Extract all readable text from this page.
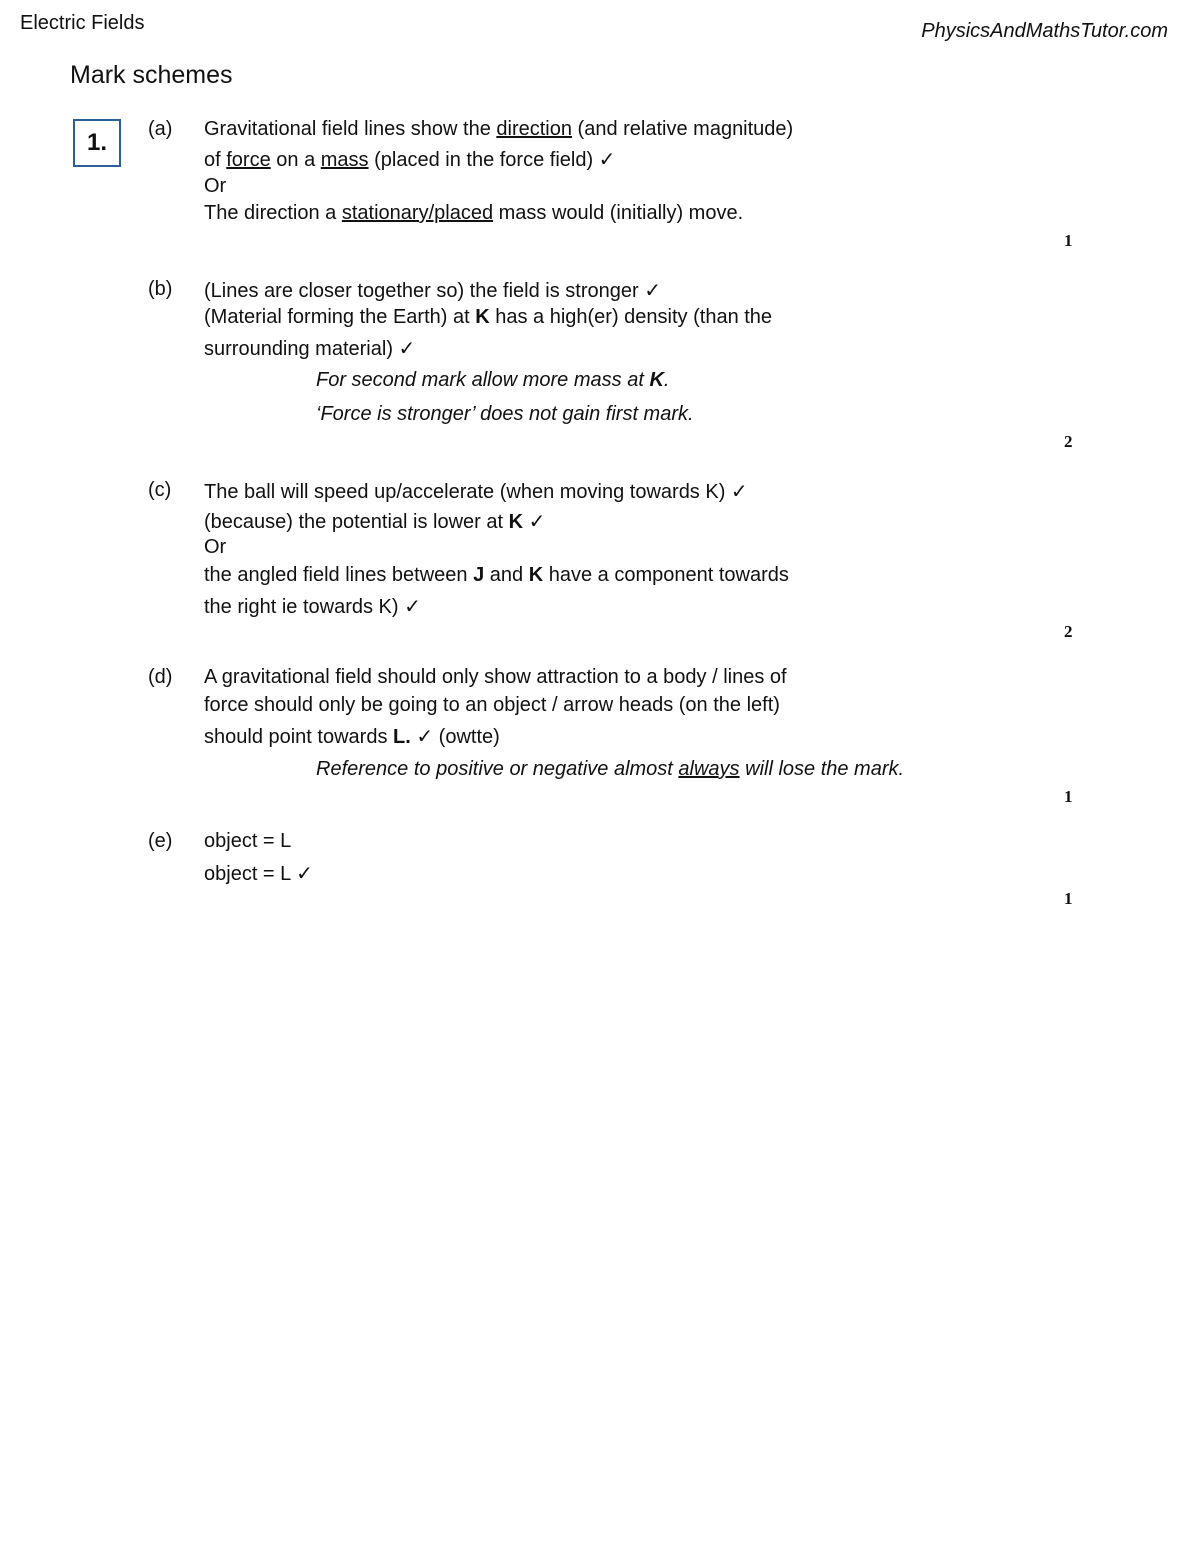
Electric Fields	PhysicsAndMathsTutor.com
Mark schemes
1. (a) Gravitational field lines show the direction (and relative magnitude)
of force on a mass (placed in the force field) ✓
Or
The direction a stationary/placed mass would (initially) move.
1
(b) (Lines are closer together so) the field is stronger ✓
(Material forming the Earth) at K has a high(er) density (than the
surrounding material) ✓
For second mark allow more mass at K.
‘Force is stronger’ does not gain first mark.
2
(c) The ball will speed up/accelerate (when moving towards K) ✓
(because) the potential is lower at K ✓
Or
the angled field lines between J and K have a component towards
the right ie towards K) ✓
2
(d) A gravitational field should only show attraction to a body / lines of
force should only be going to an object / arrow heads (on the left)
should point towards L. ✓ (owtte)
Reference to positive or negative almost always will lose the mark.
1
(e) object = L
object = L ✓
1
